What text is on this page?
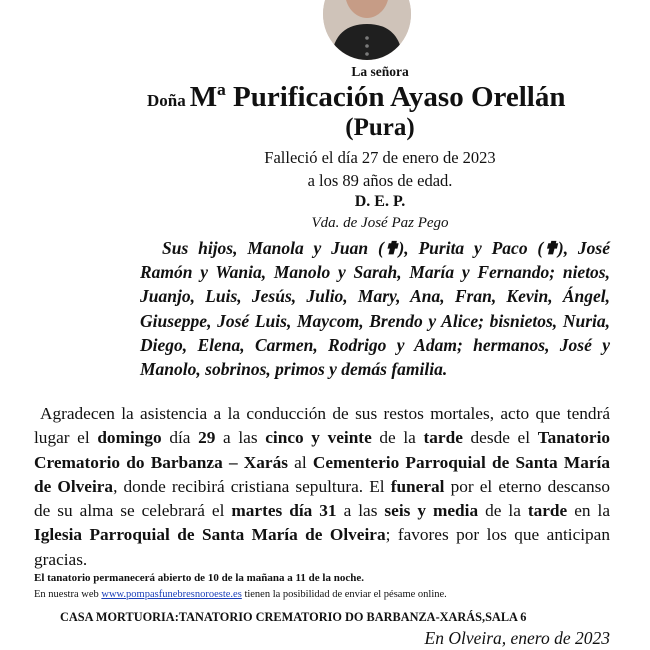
La señora
Doña Mª Purificación Ayaso Orellán
(Pura)
Falleció el día 27 de enero de 2023
a los 89 años de edad.
D. E. P.
Vda. de José Paz Pego
Sus hijos, Manola y Juan (✟), Purita y Paco (✟), José Ramón y Wania, Manolo y Sarah, María y Fernando; nietos, Juanjo, Luis, Jesús, Julio, Mary, Ana, Fran, Kevin, Ángel, Giuseppe, José Luis, Maycom, Brendo y Alice; bisnietos, Nuria, Diego, Elena, Carmen, Rodrigo y Adam; hermanos, José y Manolo, sobrinos, primos y demás familia.
Agradecen la asistencia a la conducción de sus restos mortales, acto que tendrá lugar el domingo día 29 a las cinco y veinte de la tarde desde el Tanatorio Crematorio do Barbanza – Xarás al Cementerio Parroquial de Santa María de Olveira, donde recibirá cristiana sepultura. El funeral por el eterno descanso de su alma se celebrará el martes día 31 a las seis y media de la tarde en la Iglesia Parroquial de Santa María de Olveira; favores por los que anticipan gracias.
El tanatorio permanecerá abierto de 10 de la mañana a 11 de la noche.
En nuestra web www.pompasfunebresnoroeste.es tienen la posibilidad de enviar el pésame online.
CASA MORTUORIA:TANATORIO CREMATORIO DO BARBANZA-XARÁS,SALA 6
En Olveira, enero de 2023
